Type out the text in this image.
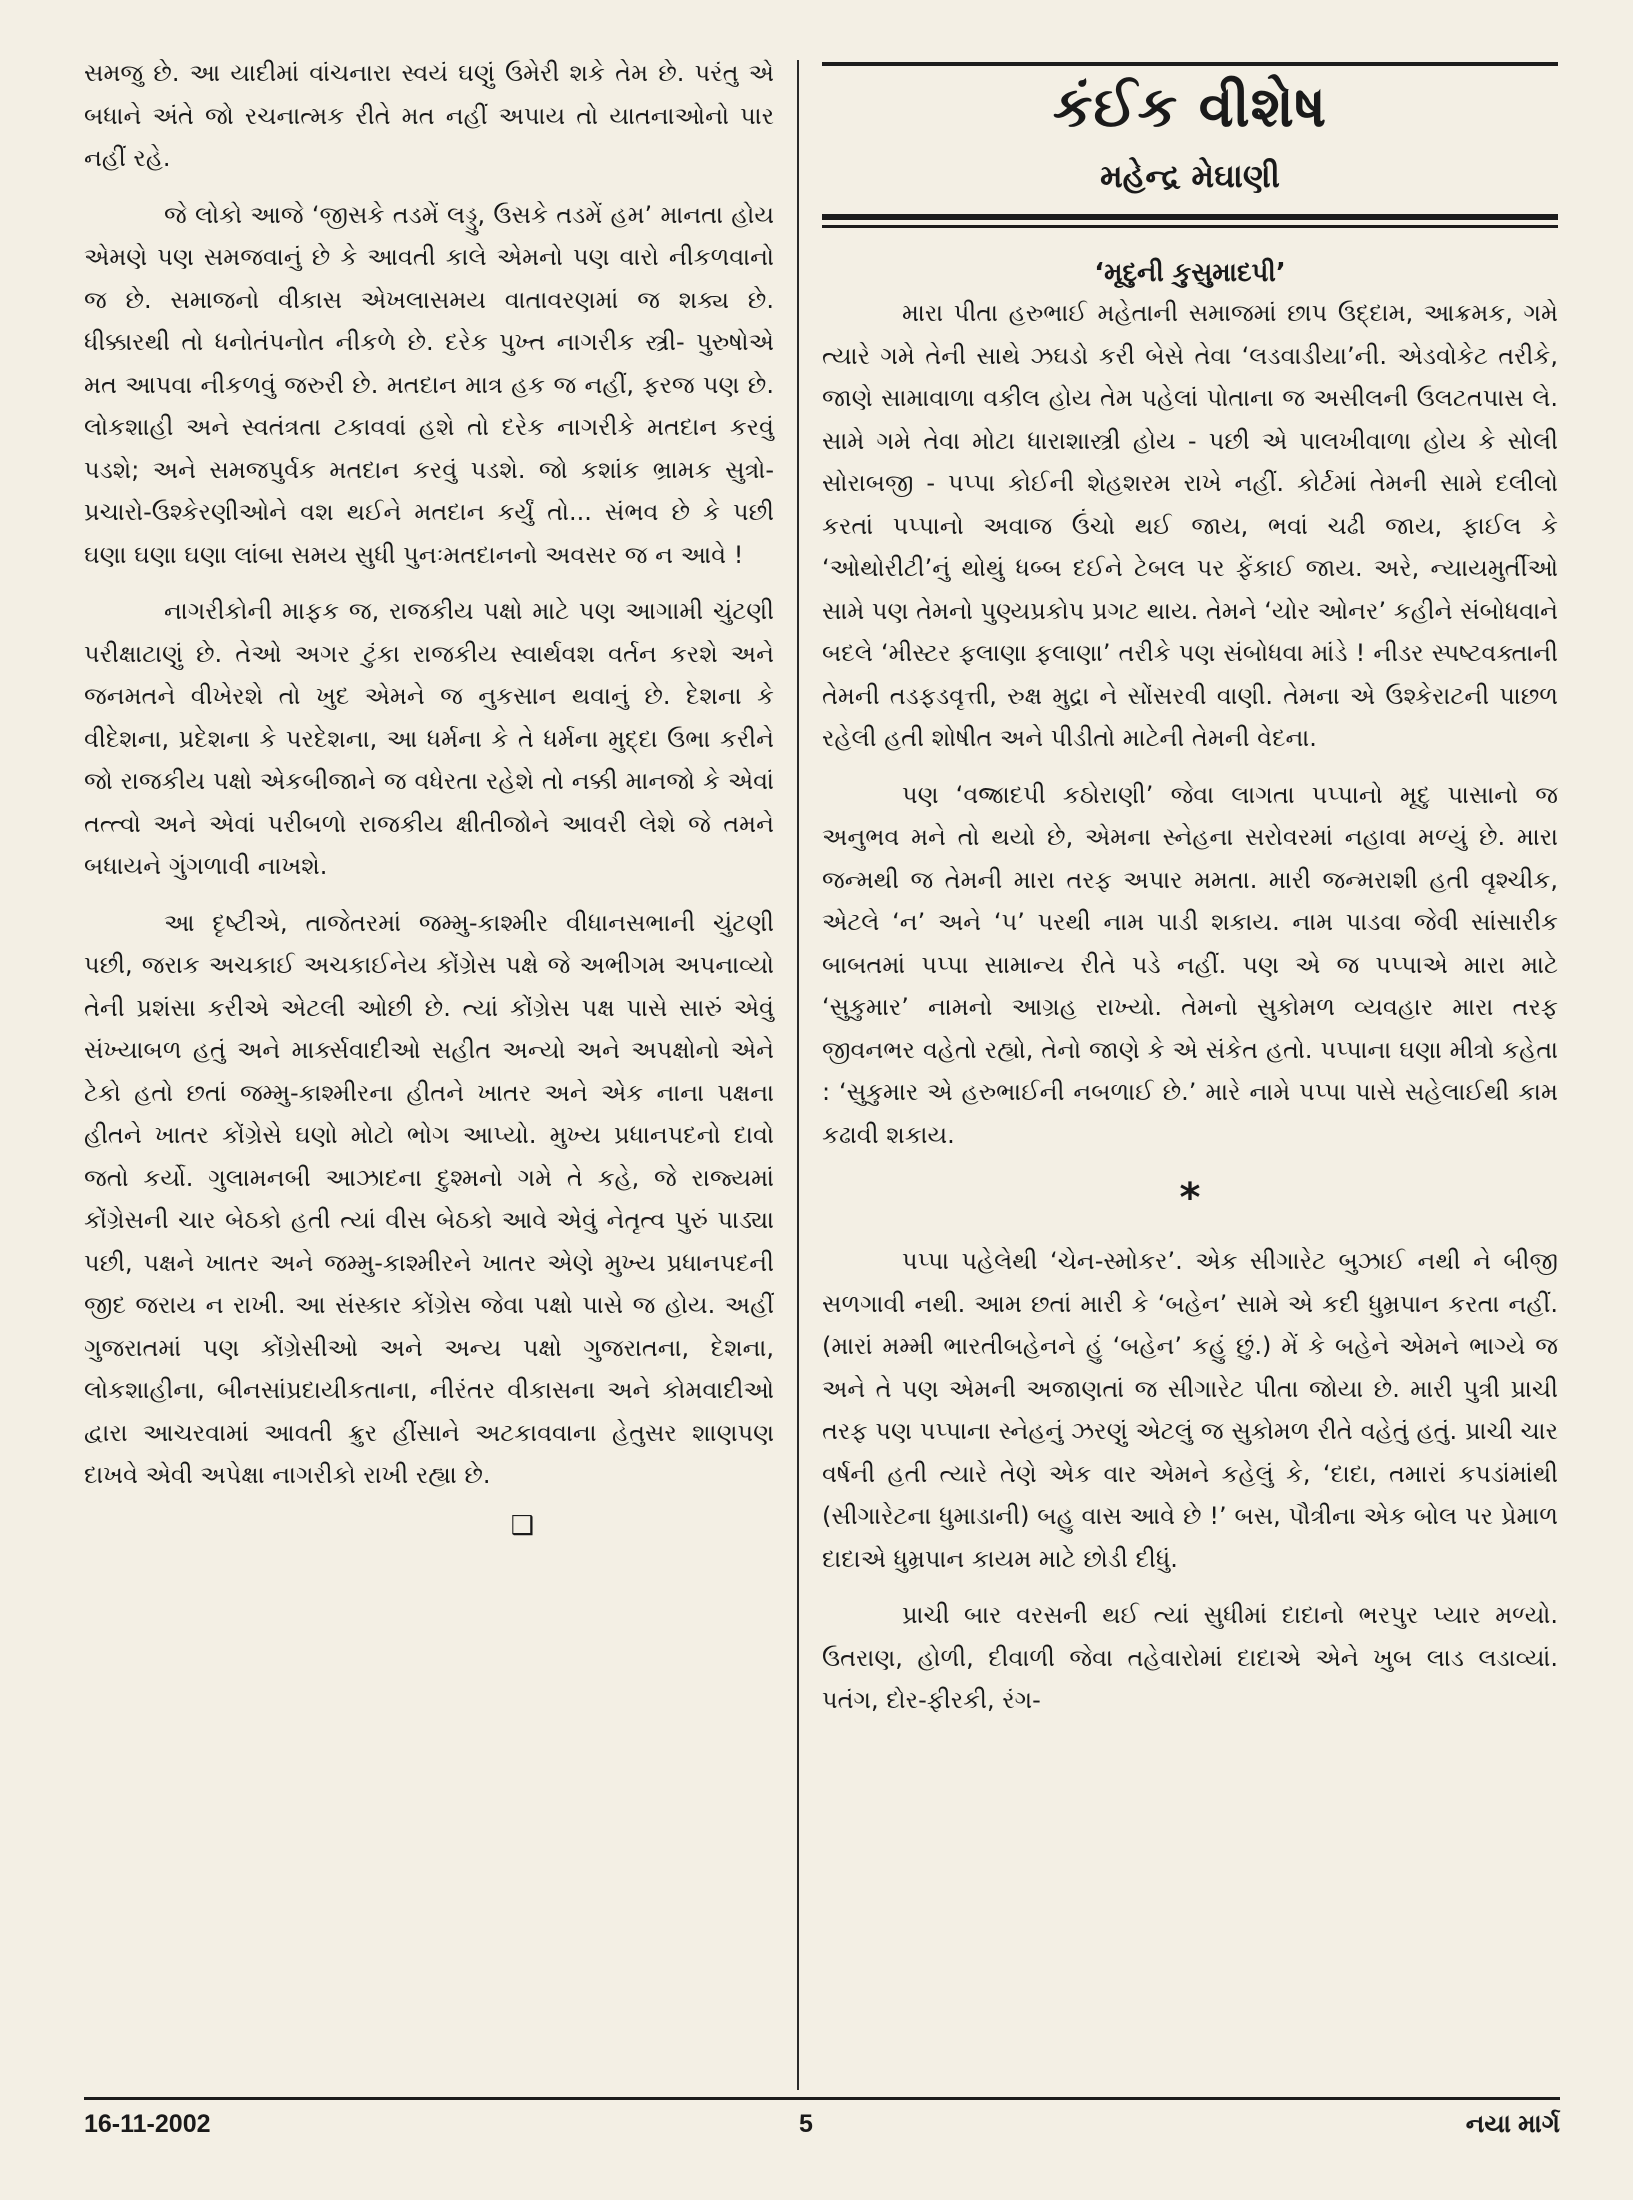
સમજુ છે. આ યાદીમાં વાંચનારા સ્વયં ઘણું ઉમેરી શકે તેમ છે. પરંતુ એ બધાને અંતે જો રચનાત્મક રીતે મત નહીં અપાય તો યાતનાઓનો પાર નહીં રહે.

જે લોકો આજે ‘જીસકે તડમેં લડ્ડુ, ઉસકે તડમેં હમ’ માનતા હોય એમણે પણ સમજવાનું છે કે આવતી કાલે એમનો પણ વારો નીકળવાનો જ છે. સમાજનો વીકાસ એખલાસમય વાતાવરણમાં જ શક્ય છે. ધીક્કારથી તો ધનોતંપનોત નીકળે છે. દરેક પુખ્ત નાગરીક સ્ત્રી- પુરુષોએ મત આપવા નીકળવું જરુરી છે. મતદાન માત્ર હક જ નહીં, ફરજ પણ છે. લોકશાહી અને સ્વતંત્રતા ટકાવવાં હશે તો દરેક નાગરીકે મતદાન કરવું પડશે; અને સમજપુર્વક મતદાન કરવું પડશે. જો કશાંક ભ્રામક સુત્રો-પ્રચારો-ઉશ્કેરણીઓને વશ થઈને મતદાન કર્યું તો... સંભવ છે કે પછી ઘણા ઘણા ઘણા લાંબા સમય સુધી પુનઃમતદાનનો અવસર જ ન આવે !

નાગરીકોની માફક જ, રાજકીય પક્ષો માટે પણ આગામી ચુંટણી પરીક્ષાટાણું છે. તેઓ અગર ટુંકા રાજકીય સ્વાર્થવશ વર્તન કરશે અને જનમતને વીખેરશે તો ખુદ એમને જ નુકસાન થવાનું છે. દેશના કે વીદેશના, પ્રદેશના કે પરદેશના, આ ધર્મના કે તે ધર્મના મુદ્દા ઉભા કરીને જો રાજકીય પક્ષો એકબીજાને જ વધેરતા રહેશે તો નક્કી માનજો કે એવાં તત્ત્વો અને એવાં પરીબળો રાજકીય ક્ષીતીજોને આવરી લેશે જે તમને બધાયને ગુંગળાવી નાખશે.

આ દૃષ્ટીએ, તાજેતરમાં જમ્મુ-કાશ્મીર વીધાનસભાની ચુંટણી પછી, જરાક અચકાઈ અચકાઈનેય કોંગ્રેસ પક્ષે જે અભીગમ અપનાવ્યો તેની પ્રશંસા કરીએ એટલી ઓછી છે. ત્યાં કોંગ્રેસ પક્ષ પાસે સારું એવું સંખ્યાબળ હતું અને માર્ક્સવાદીઓ સહીત અન્યો અને અપક્ષોનો એને ટેકો હતો છતાં જમ્મુ-કાશ્મીરના હીતને ખાતર અને એક નાના પક્ષના હીતને ખાતર કોંગ્રેસે ઘણો મોટો ભોગ આપ્યો. મુખ્ય પ્રધાનપદનો દાવો જતો કર્યો. ગુલામનબી આઝાદના દુશ્મનો ગમે તે કહે, જે રાજ્યમાં કોંગ્રેસની ચાર બેઠકો હતી ત્યાં વીસ બેઠકો આવે એવું નેતૃત્વ પુરું પાડ્યા પછી, પક્ષને ખાતર અને જમ્મુ-કાશ્મીરને ખાતર એણે મુખ્ય પ્રધાનપદની જીદ જરાય ન રાખી. આ સંસ્કાર કોંગ્રેસ જેવા પક્ષો પાસે જ હોય. અહીં ગુજરાતમાં પણ કોંગ્રેસીઓ અને અન્ય પક્ષો ગુજરાતના, દેશના, લોકશાહીના, બીનસાંપ્રદાયીકતાના, નીરંતર વીકાસના અને કોમવાદીઓ દ્વારા આચરવામાં આવતી ક્રુર હીંસાને અટકાવવાના હેતુસર શાણપણ દાખવે એવી અપેક્ષા નાગરીકો રાખી રહ્યા છે.

❑
કંઈક વીશેષ
મહેન્દ્ર મેઘાણી
‘મૃદુની કુસુમાદપી’

મારા પીતા હરુભાઈ મહેતાની સમાજમાં છાપ ઉદ્દામ, આક્રમક, ગમે ત્યારે ગમે તેની સાથે ઝઘડો કરી બેસે તેવા ‘લડવાડીયા’ની. એડવોકેટ તરીકે, જાણે સામાવાળા વકીલ હોય તેમ પહેલાં પોતાના જ અસીલની ઉલટતપાસ લે. સામે ગમે તેવા મોટા ધારાશાસ્ત્રી હોય - પછી એ પાલખીવાળા હોય કે સોલી સોરાબજી - પપ્પા કોઈની શેહશરમ રાખે નહીં. કોર્ટમાં તેમની સામે દલીલો કરતાં પપ્પાનો અવાજ ઉંચો થઈ જાય, ભવાં ચઢી જાય, ફાઈલ કે ‘ઓથોરીટી’નું થોથું ધબ્બ દઈને ટેબલ પર ફેંકાઈ જાય. અરે, ન્યાયમુર્તીઓ સામે પણ તેમનો પુણ્યપ્રકોપ પ્રગટ થાય. તેમને ‘યોર ઓનર’ કહીને સંબોધવાને બદલે ‘મીસ્ટર ફલાણા ફલાણા’ તરીકે પણ સંબોધવા માંડે ! નીડર સ્પષ્ટવક્તાની તેમની તડફડવૃત્તી, રુક્ષ મુદ્રા ને સોંસરવી વાણી. તેમના એ ઉશ્કેરાટની પાછળ રહેલી હતી શોષીત અને પીડીતો માટેની તેમની વેદના.

પણ ‘વજ્રાદપી કઠોરાણી’ જેવા લાગતા પપ્પાનો મૃદુ પાસાનો જ અનુભવ મને તો થયો છે, એમના સ્નેહના સરોવરમાં નહાવા મળ્યું છે. મારા જન્મથી જ તેમની મારા તરફ અપાર મમતા. મારી જન્મરાશી હતી વૃશ્ચીક, એટલે ‘ન’ અને ‘૫’ પરથી નામ પાડી શકાય. નામ પાડવા જેવી સાંસારીક બાબતમાં પપ્પા સામાન્ય રીતે પડે નહીં. પણ એ જ પપ્પાએ મારા માટે ‘સુકુમાર’ નામનો આગ્રહ રાખ્યો. તેમનો સુકોમળ વ્યવહાર મારા તરફ જીવનભર વહેતો રહ્યો, તેનો જાણે કે એ સંકેત હતો. પપ્પાના ઘણા મીત્રો કહેતા : ‘સુકુમાર એ હરુભાઈની નબળાઈ છે.’ મારે નામે પપ્પા પાસે સહેલાઈથી કામ કઢાવી શકાય.

*

પપ્પા પહેલેથી ‘ચેન-સ્મોકર’. એક સીગારેટ બુઝાઈ નથી ને બીજી સળગાવી નથી. આમ છતાં મારી કે ‘બહેન’ સામે એ કદી ધુમ્રપાન કરતા નહીં. (મારાં મમ્મી ભારતીબહેનને હું ‘બહેન’ કહું છું.) મેં કે બહેને એમને ભાગ્યે જ અને તે પણ એમની અજાણતાં જ સીગારેટ પીતા જોયા છે. મારી પુત્રી પ્રાચી તરફ પણ પપ્પાના સ્નેહનું ઝરણું એટલું જ સુકોમળ રીતે વહેતું હતું. પ્રાચી ચાર વર્ષની હતી ત્યારે તેણે એક વાર એમને કહેલું કે, ‘દાદા, તમારાં કપડાંમાંથી (સીગારેટના ધુમાડાની) બહુ વાસ આવે છે !’ બસ, પૌત્રીના એક બોલ પર પ્રેમાળ દાદાએ ધુમ્રપાન કાયમ માટે છોડી દીધું.

પ્રાચી બાર વરસની થઈ ત્યાં સુધીમાં દાદાનો ભરપુર પ્યાર મળ્યો. ઉતરાણ, હોળી, દીવાળી જેવા તહેવારોમાં દાદાએ એને ખુબ લાડ લડાવ્યાં. પતંગ, દોર-ફીરકી, રંગ-

16-11-2002	5	નયા માર્ગ
